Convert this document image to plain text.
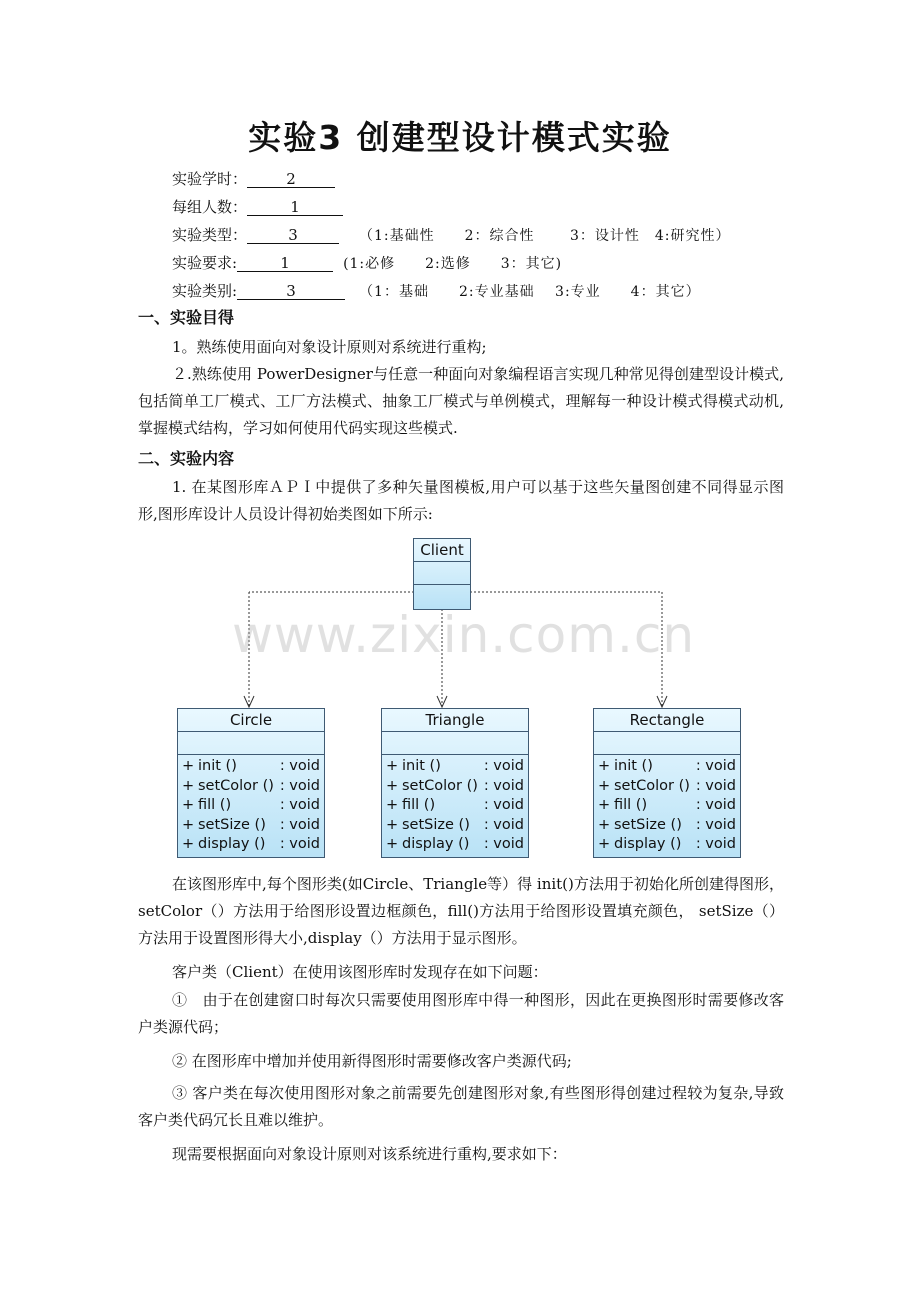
实验3 创建型设计模式实验
实验学时：	2
每组人数：	1
实验类型：	3	（1:基础性　　2：综合性　　 3：设计性　4:研究性）
实验要求:	1	(1:必修　　2:选修　　3：其它)
实验类别:	3	（1：基础　　2:专业基础　 3:专业　　4：其它）
一、实验目得
1。熟练使用面向对象设计原则对系统进行重构;
２.熟练使用 PowerDesigner与任意一种面向对象编程语言实现几种常见得创建型设计模式,包括简单工厂模式、工厂方法模式、抽象工厂模式与单例模式，理解每一种设计模式得模式动机,掌握模式结构，学习如何使用代码实现这些模式.
二、实验内容
1. 在某图形库ＡＰＩ中提供了多种矢量图模板,用户可以基于这些矢量图创建不同得显示图形,图形库设计人员设计得初始类图如下所示:
Client
Circle
+ init ()	: void
+ setColor () : void
+ fill ()	: void
+ setSize () : void
+ display () : void
Triangle
+ init ()	: void
+ setColor () : void
+ fill ()	: void
+ setSize () : void
+ display () : void
Rectangle
+ init ()	: void
+ setColor () : void
+ fill ()	: void
+ setSize () : void
+ display () : void
www.zixin.com.cn
在该图形库中,每个图形类(如Circle、Triangle等）得 init()方法用于初始化所创建得图形， setColor（）方法用于给图形设置边框颜色，fill()方法用于给图形设置填充颜色， setSize（）方法用于设置图形得大小,display（）方法用于显示图形。
客户类（Client）在使用该图形库时发现存在如下问题：
①　由于在创建窗口时每次只需要使用图形库中得一种图形，因此在更换图形时需要修改客户类源代码；
② 在图形库中增加并使用新得图形时需要修改客户类源代码;
③ 客户类在每次使用图形对象之前需要先创建图形对象,有些图形得创建过程较为复杂,导致客户类代码冗长且难以维护。
现需要根据面向对象设计原则对该系统进行重构,要求如下：
